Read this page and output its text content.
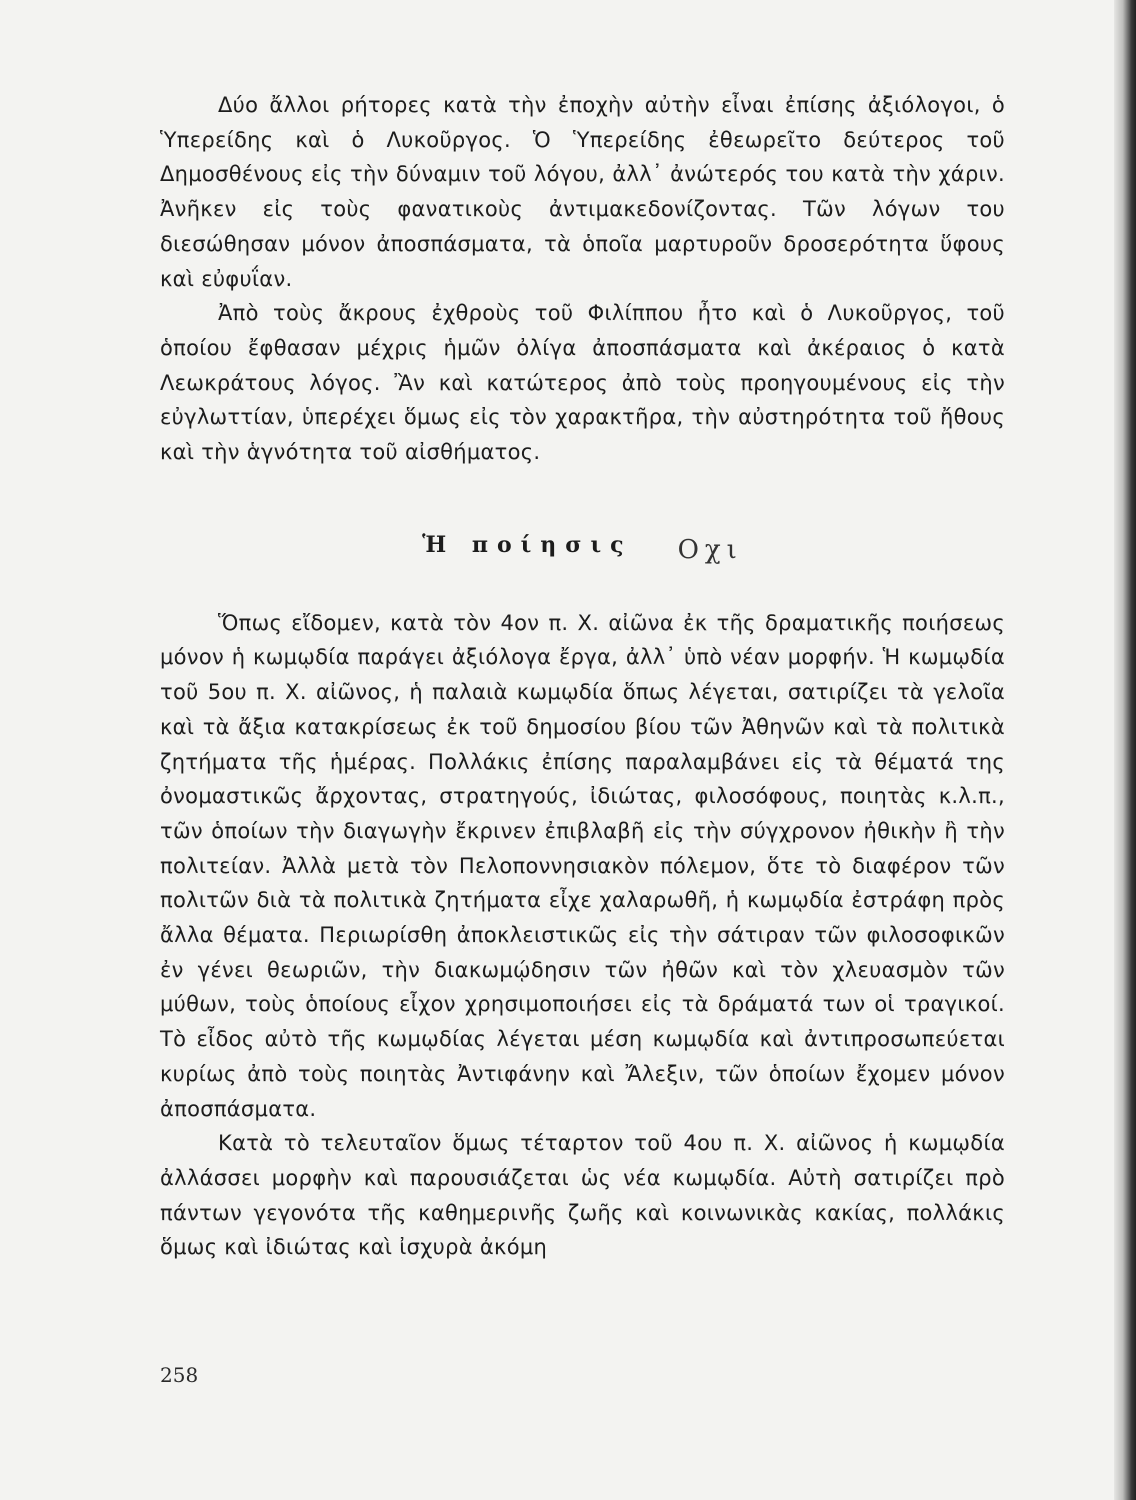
Δύο ἄλλοι ρήτορες κατὰ τὴν ἐποχὴν αὐτὴν εἶναι ἐπίσης ἀξιόλογοι, ὁ Ὑπερείδης καὶ ὁ Λυκοῦργος. Ὁ Ὑπερείδης ἐθεωρεῖτο δεύτερος τοῦ Δημοσθένους εἰς τὴν δύναμιν τοῦ λόγου, ἀλλ᾽ ἀνώτερός του κατὰ τὴν χάριν. Ἀνῆκεν εἰς τοὺς φανατικοὺς ἀντιμακεδονίζοντας. Τῶν λόγων του διεσώθησαν μόνον ἀποσπάσματα, τὰ ὁποῖα μαρτυροῦν δροσερότητα ὕφους καὶ εὐφυΐαν.

Ἀπὸ τοὺς ἄκρους ἐχθροὺς τοῦ Φιλίππου ἦτο καὶ ὁ Λυκοῦργος, τοῦ ὁποίου ἔφθασαν μέχρις ἡμῶν ὀλίγα ἀποσπάσματα καὶ ἀκέραιος ὁ κατὰ Λεωκράτους λόγος. Ἂν καὶ κατώτερος ἀπὸ τοὺς προηγουμένους εἰς τὴν εὐγλωττίαν, ὑπερέχει ὅμως εἰς τὸν χαρακτῆρα, τὴν αὐστηρότητα τοῦ ἤθους καὶ τὴν ἁγνότητα τοῦ αἰσθήματος.

Ἡ ποίησις Οχι

Ὅπως εἴδομεν, κατὰ τὸν 4ον π. Χ. αἰῶνα ἐκ τῆς δραματικῆς ποιήσεως μόνον ἡ κωμῳδία παράγει ἀξιόλογα ἔργα, ἀλλ᾽ ὑπὸ νέαν μορφήν. Ἡ κωμῳδία τοῦ 5ου π. Χ. αἰῶνος, ἡ παλαιὰ κωμῳδία ὅπως λέγεται, σατιρίζει τὰ γελοῖα καὶ τὰ ἄξια κατακρίσεως ἐκ τοῦ δημοσίου βίου τῶν Ἀθηνῶν καὶ τὰ πολιτικὰ ζητήματα τῆς ἡμέρας. Πολλάκις ἐπίσης παραλαμβάνει εἰς τὰ θέματά της ὀνομαστικῶς ἄρχοντας, στρατηγούς, ἰδιώτας, φιλοσόφους, ποιητὰς κ.λ.π., τῶν ὁποίων τὴν διαγωγὴν ἔκρινεν ἐπιβλαβῆ εἰς τὴν σύγχρονον ἠθικὴν ἢ τὴν πολιτείαν. Ἀλλὰ μετὰ τὸν Πελοποννησιακὸν πόλεμον, ὅτε τὸ διαφέρον τῶν πολιτῶν διὰ τὰ πολιτικὰ ζητήματα εἶχε χαλαρωθῆ, ἡ κωμῳδία ἐστράφη πρὸς ἄλλα θέματα. Περιωρίσθη ἀποκλειστικῶς εἰς τὴν σάτιραν τῶν φιλοσοφικῶν ἐν γένει θεωριῶν, τὴν διακωμῴδησιν τῶν ἠθῶν καὶ τὸν χλευασμὸν τῶν μύθων, τοὺς ὁποίους εἶχον χρησιμοποιήσει εἰς τὰ δράματά των οἱ τραγικοί. Τὸ εἶδος αὐτὸ τῆς κωμῳδίας λέγεται μέση κωμῳδία καὶ ἀντιπροσωπεύεται κυρίως ἀπὸ τοὺς ποιητὰς Ἀντιφάνην καὶ Ἄλεξιν, τῶν ὁποίων ἔχομεν μόνον ἀποσπάσματα.

Κατὰ τὸ τελευταῖον ὅμως τέταρτον τοῦ 4ου π. Χ. αἰῶνος ἡ κωμῳδία ἀλλάσσει μορφὴν καὶ παρουσιάζεται ὡς νέα κωμῳδία. Αὐτὴ σατιρίζει πρὸ πάντων γεγονότα τῆς καθημερινῆς ζωῆς καὶ κοινωνικὰς κακίας, πολλάκις ὅμως καὶ ἰδιώτας καὶ ἰσχυρὰ ἀκόμη

258
